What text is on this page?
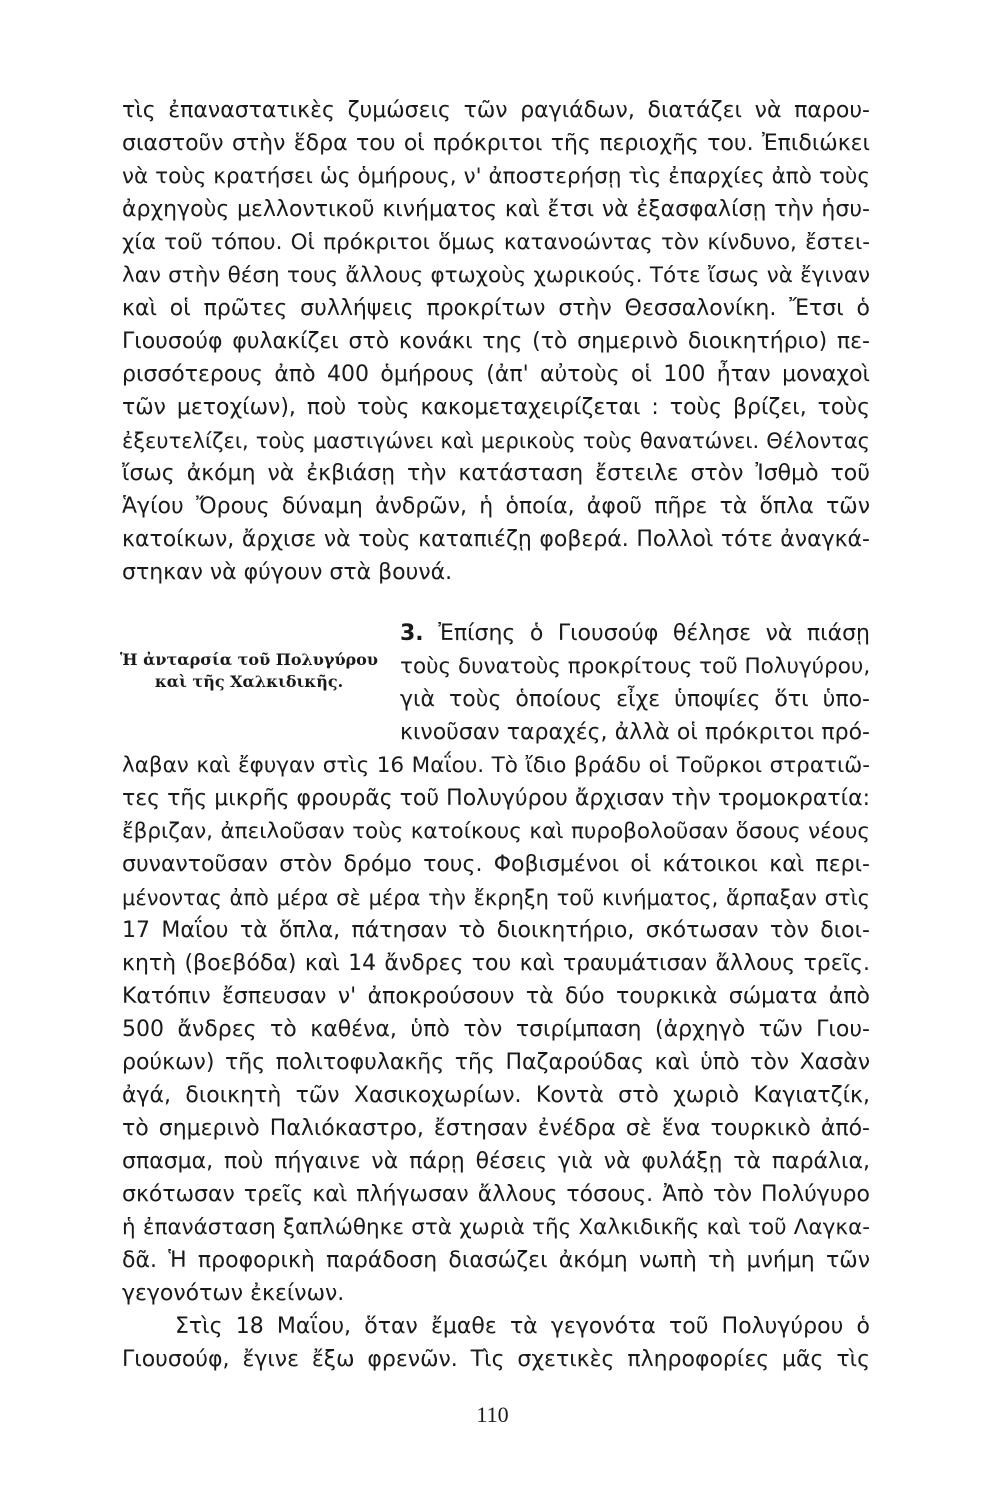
τὶς ἐπαναστατικὲς ζυμώσεις τῶν ραγιάδων, διατάζει νὰ παρου-
σιαστοῦν στὴν ἕδρα του οἱ πρόκριτοι τῆς περιοχῆς του. Ἐπιδιώκει
νὰ τοὺς κρατήσει ὡς ὁμήρους, ν' ἀποστερήσῃ τὶς ἐπαρχίες ἀπὸ τοὺς
ἀρχηγοὺς μελλοντικοῦ κινήματος καὶ ἔτσι νὰ ἐξασφαλίσῃ τὴν ἡσυ-
χία τοῦ τόπου. Οἱ πρόκριτοι ὅμως κατανοώντας τὸν κίνδυνο, ἔστει-
λαν στὴν θέση τους ἄλλους φτωχοὺς χωρικούς. Τότε ἴσως νὰ ἔγιναν
καὶ οἱ πρῶτες συλλήψεις προκρίτων στὴν Θεσσαλονίκη. Ἔτσι ὁ
Γιουσούφ φυλακίζει στὸ κονάκι της (τὸ σημερινὸ διοικητήριο) πε-
ρισσότερους ἀπὸ 400 ὁμήρους (ἀπ' αὐτοὺς οἱ 100 ἦταν μοναχοὶ
τῶν μετοχίων), ποὺ τοὺς κακομεταχειρίζεται : τοὺς βρίζει, τοὺς
ἐξευτελίζει, τοὺς μαστιγώνει καὶ μερικοὺς τοὺς θανατώνει. Θέλοντας
ἴσως ἀκόμη νὰ ἐκβιάσῃ τὴν κατάσταση ἔστειλε στὸν Ἰσθμὸ τοῦ
Ἁγίου Ὄρους δύναμη ἀνδρῶν, ἡ ὁποία, ἀφοῦ πῆρε τὰ ὅπλα τῶν
κατοίκων, ἄρχισε νὰ τοὺς καταπιέζῃ φοβερά. Πολλοὶ τότε ἀναγκά-
στηκαν νὰ φύγουν στὰ βουνά.
Ἡ ἀνταρσία τοῦ Πολυγύρου
καὶ τῆς Χαλκιδικῆς.
3. Ἐπίσης ὁ Γιουσούφ θέλησε νὰ πιάσῃ
τοὺς δυνατοὺς προκρίτους τοῦ Πολυγύρου,
γιὰ τοὺς ὁποίους εἶχε ὑποψίες ὅτι ὑπο-
κινοῦσαν ταραχές, ἀλλὰ οἱ πρόκριτοι πρό-
λαβαν καὶ ἔφυγαν στὶς 16 Μαΐου. Τὸ ἴδιο βράδυ οἱ Τοῦρκοι στρατιῶ-
τες τῆς μικρῆς φρουρᾶς τοῦ Πολυγύρου ἄρχισαν τὴν τρομοκρατία:
ἔβριζαν, ἀπειλοῦσαν τοὺς κατοίκους καὶ πυροβολοῦσαν ὅσους νέους
συναντοῦσαν στὸν δρόμο τους. Φοβισμένοι οἱ κάτοικοι καὶ περι-
μένοντας ἀπὸ μέρα σὲ μέρα τὴν ἔκρηξη τοῦ κινήματος, ἅρπαξαν στὶς
17 Μαΐου τὰ ὅπλα, πάτησαν τὸ διοικητήριο, σκότωσαν τὸν διοι-
κητὴ (βοεβόδα) καὶ 14 ἄνδρες του καὶ τραυμάτισαν ἄλλους τρεῖς.
Κατόπιν ἔσπευσαν ν' ἀποκρούσουν τὰ δύο τουρκικὰ σώματα ἀπὸ
500 ἄνδρες τὸ καθένα, ὑπὸ τὸν τσιρίμπαση (ἀρχηγὸ τῶν Γιου-
ρούκων) τῆς πολιτοφυλακῆς τῆς Παζαρούδας καὶ ὑπὸ τὸν Χασὰν
ἀγά, διοικητὴ τῶν Χασικοχωρίων. Κοντὰ στὸ χωριὸ Καγιατζίκ,
τὸ σημερινὸ Παλιόκαστρο, ἔστησαν ἐνέδρα σὲ ἕνα τουρκικὸ ἀπό-
σπασμα, ποὺ πήγαινε νὰ πάρῃ θέσεις γιὰ νὰ φυλάξῃ τὰ παράλια,
σκότωσαν τρεῖς καὶ πλήγωσαν ἄλλους τόσους. Ἀπὸ τὸν Πολύγυρο
ἡ ἐπανάσταση ξαπλώθηκε στὰ χωριὰ τῆς Χαλκιδικῆς καὶ τοῦ Λαγκα-
δᾶ. Ἡ προφορικὴ παράδοση διασώζει ἀκόμη νωπὴ τὴ μνήμη τῶν
γεγονότων ἐκείνων.
Στὶς 18 Μαΐου, ὅταν ἔμαθε τὰ γεγονότα τοῦ Πολυγύρου ὁ
Γιουσούφ, ἔγινε ἔξω φρενῶν. Τὶς σχετικὲς πληροφορίες μᾶς τὶς
110
